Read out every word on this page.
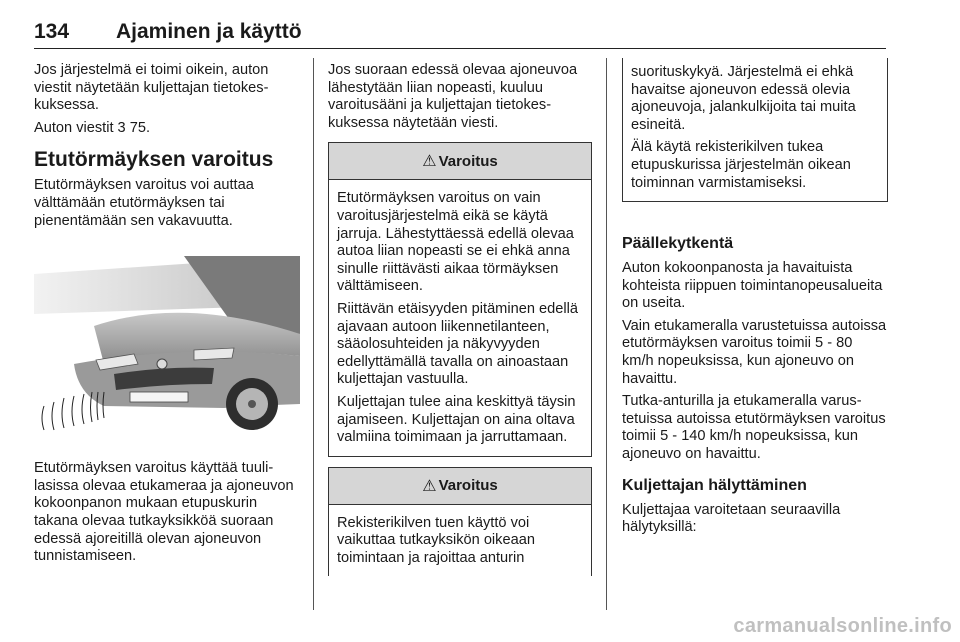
134 Ajaminen ja käyttö

Jos järjestelmä ei toimi oikein, auton viestit näytetään kuljettajan tietokeskuksessa.

Auton viestit 3 75.

Etutörmäyksen varoitus

Etutörmäyksen varoitus voi auttaa välttämään etutörmäyksen tai pienentämään sen vakavuutta.

Etutörmäyksen varoitus käyttää tuulilasissa olevaa etukameraa ja ajoneuvon kokoonpanon mukaan etupuskurin takana olevaa tutkayksikköä suoraan edessä ajoreitillä olevan ajoneuvon tunnistamiseen.

Jos suoraan edessä olevaa ajoneuvoa lähestytään liian nopeasti, kuuluu varoitusääni ja kuljettajan tietokeskuksessa näytetään viesti.

⚠ Varoitus

Etutörmäyksen varoitus on vain varoitusjärjestelmä eikä se käytä jarruja. Lähestyttäessä edellä olevaa autoa liian nopeasti se ei ehkä anna sinulle riittävästi aikaa törmäyksen välttämiseen.

Riittävän etäisyyden pitäminen edellä ajavaan autoon liikennetilanteen, sääolosuhteiden ja näkyvyyden edellyttämällä tavalla on ainoastaan kuljettajan vastuulla.

Kuljettajan tulee aina keskittyä täysin ajamiseen. Kuljettajan on aina oltava valmiina toimimaan ja jarruttamaan.

⚠ Varoitus

Rekisterikilven tuen käyttö voi vaikuttaa tutkayksikön oikeaan toimintaan ja rajoittaa anturin

suorituskykyä. Järjestelmä ei ehkä havaitse ajoneuvon edessä olevia ajoneuvoja, jalankulkijoita tai muita esineitä.

Älä käytä rekisterikilven tukea etupuskurissa järjestelmän oikean toiminnan varmistamiseksi.

Päällekytkentä

Auton kokoonpanosta ja havaituista kohteista riippuen toimintanopeusalueita on useita.

Vain etukameralla varustetuissa autoissa etutörmäyksen varoitus toimii 5 - 80 km/h nopeuksissa, kun ajoneuvo on havaittu.

Tutka-anturilla ja etukameralla varustetuissa autoissa etutörmäyksen varoitus toimii 5 - 140 km/h nopeuksissa, kun ajoneuvo on havaittu.

Kuljettajan hälyttäminen

Kuljettajaa varoitetaan seuraavilla hälytyksillä:

carmanualsonline.info
